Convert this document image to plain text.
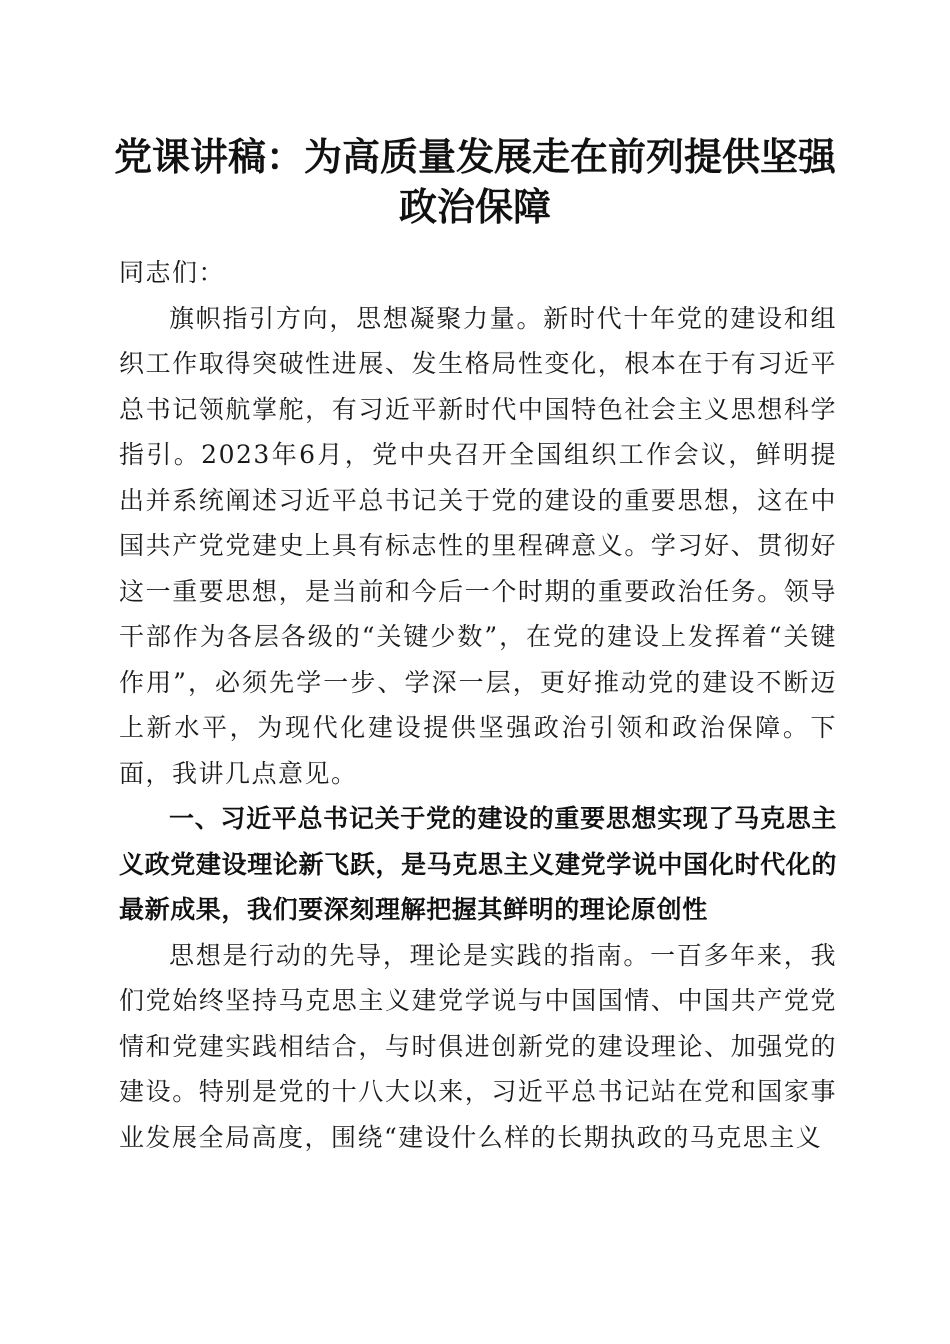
党课讲稿：为高质量发展走在前列提供坚强政治保障

同志们：

旗帜指引方向，思想凝聚力量。新时代十年党的建设和组织工作取得突破性进展、发生格局性变化，根本在于有习近平总书记领航掌舵，有习近平新时代中国特色社会主义思想科学指引。2023年6月，党中央召开全国组织工作会议，鲜明提出并系统阐述习近平总书记关于党的建设的重要思想，这在中国共产党党建史上具有标志性的里程碑意义。学习好、贯彻好这一重要思想，是当前和今后一个时期的重要政治任务。领导干部作为各层各级的“关键少数”，在党的建设上发挥着“关键作用”，必须先学一步、学深一层，更好推动党的建设不断迈上新水平，为现代化建设提供坚强政治引领和政治保障。下面，我讲几点意见。

一、习近平总书记关于党的建设的重要思想实现了马克思主义政党建设理论新飞跃，是马克思主义建党学说中国化时代化的最新成果，我们要深刻理解把握其鲜明的理论原创性

思想是行动的先导，理论是实践的指南。一百多年来，我们党始终坚持马克思主义建党学说与中国国情、中国共产党党情和党建实践相结合，与时俱进创新党的建设理论、加强党的建设。特别是党的十八大以来，习近平总书记站在党和国家事业发展全局高度，围绕“建设什么样的长期执政的马克思主义
